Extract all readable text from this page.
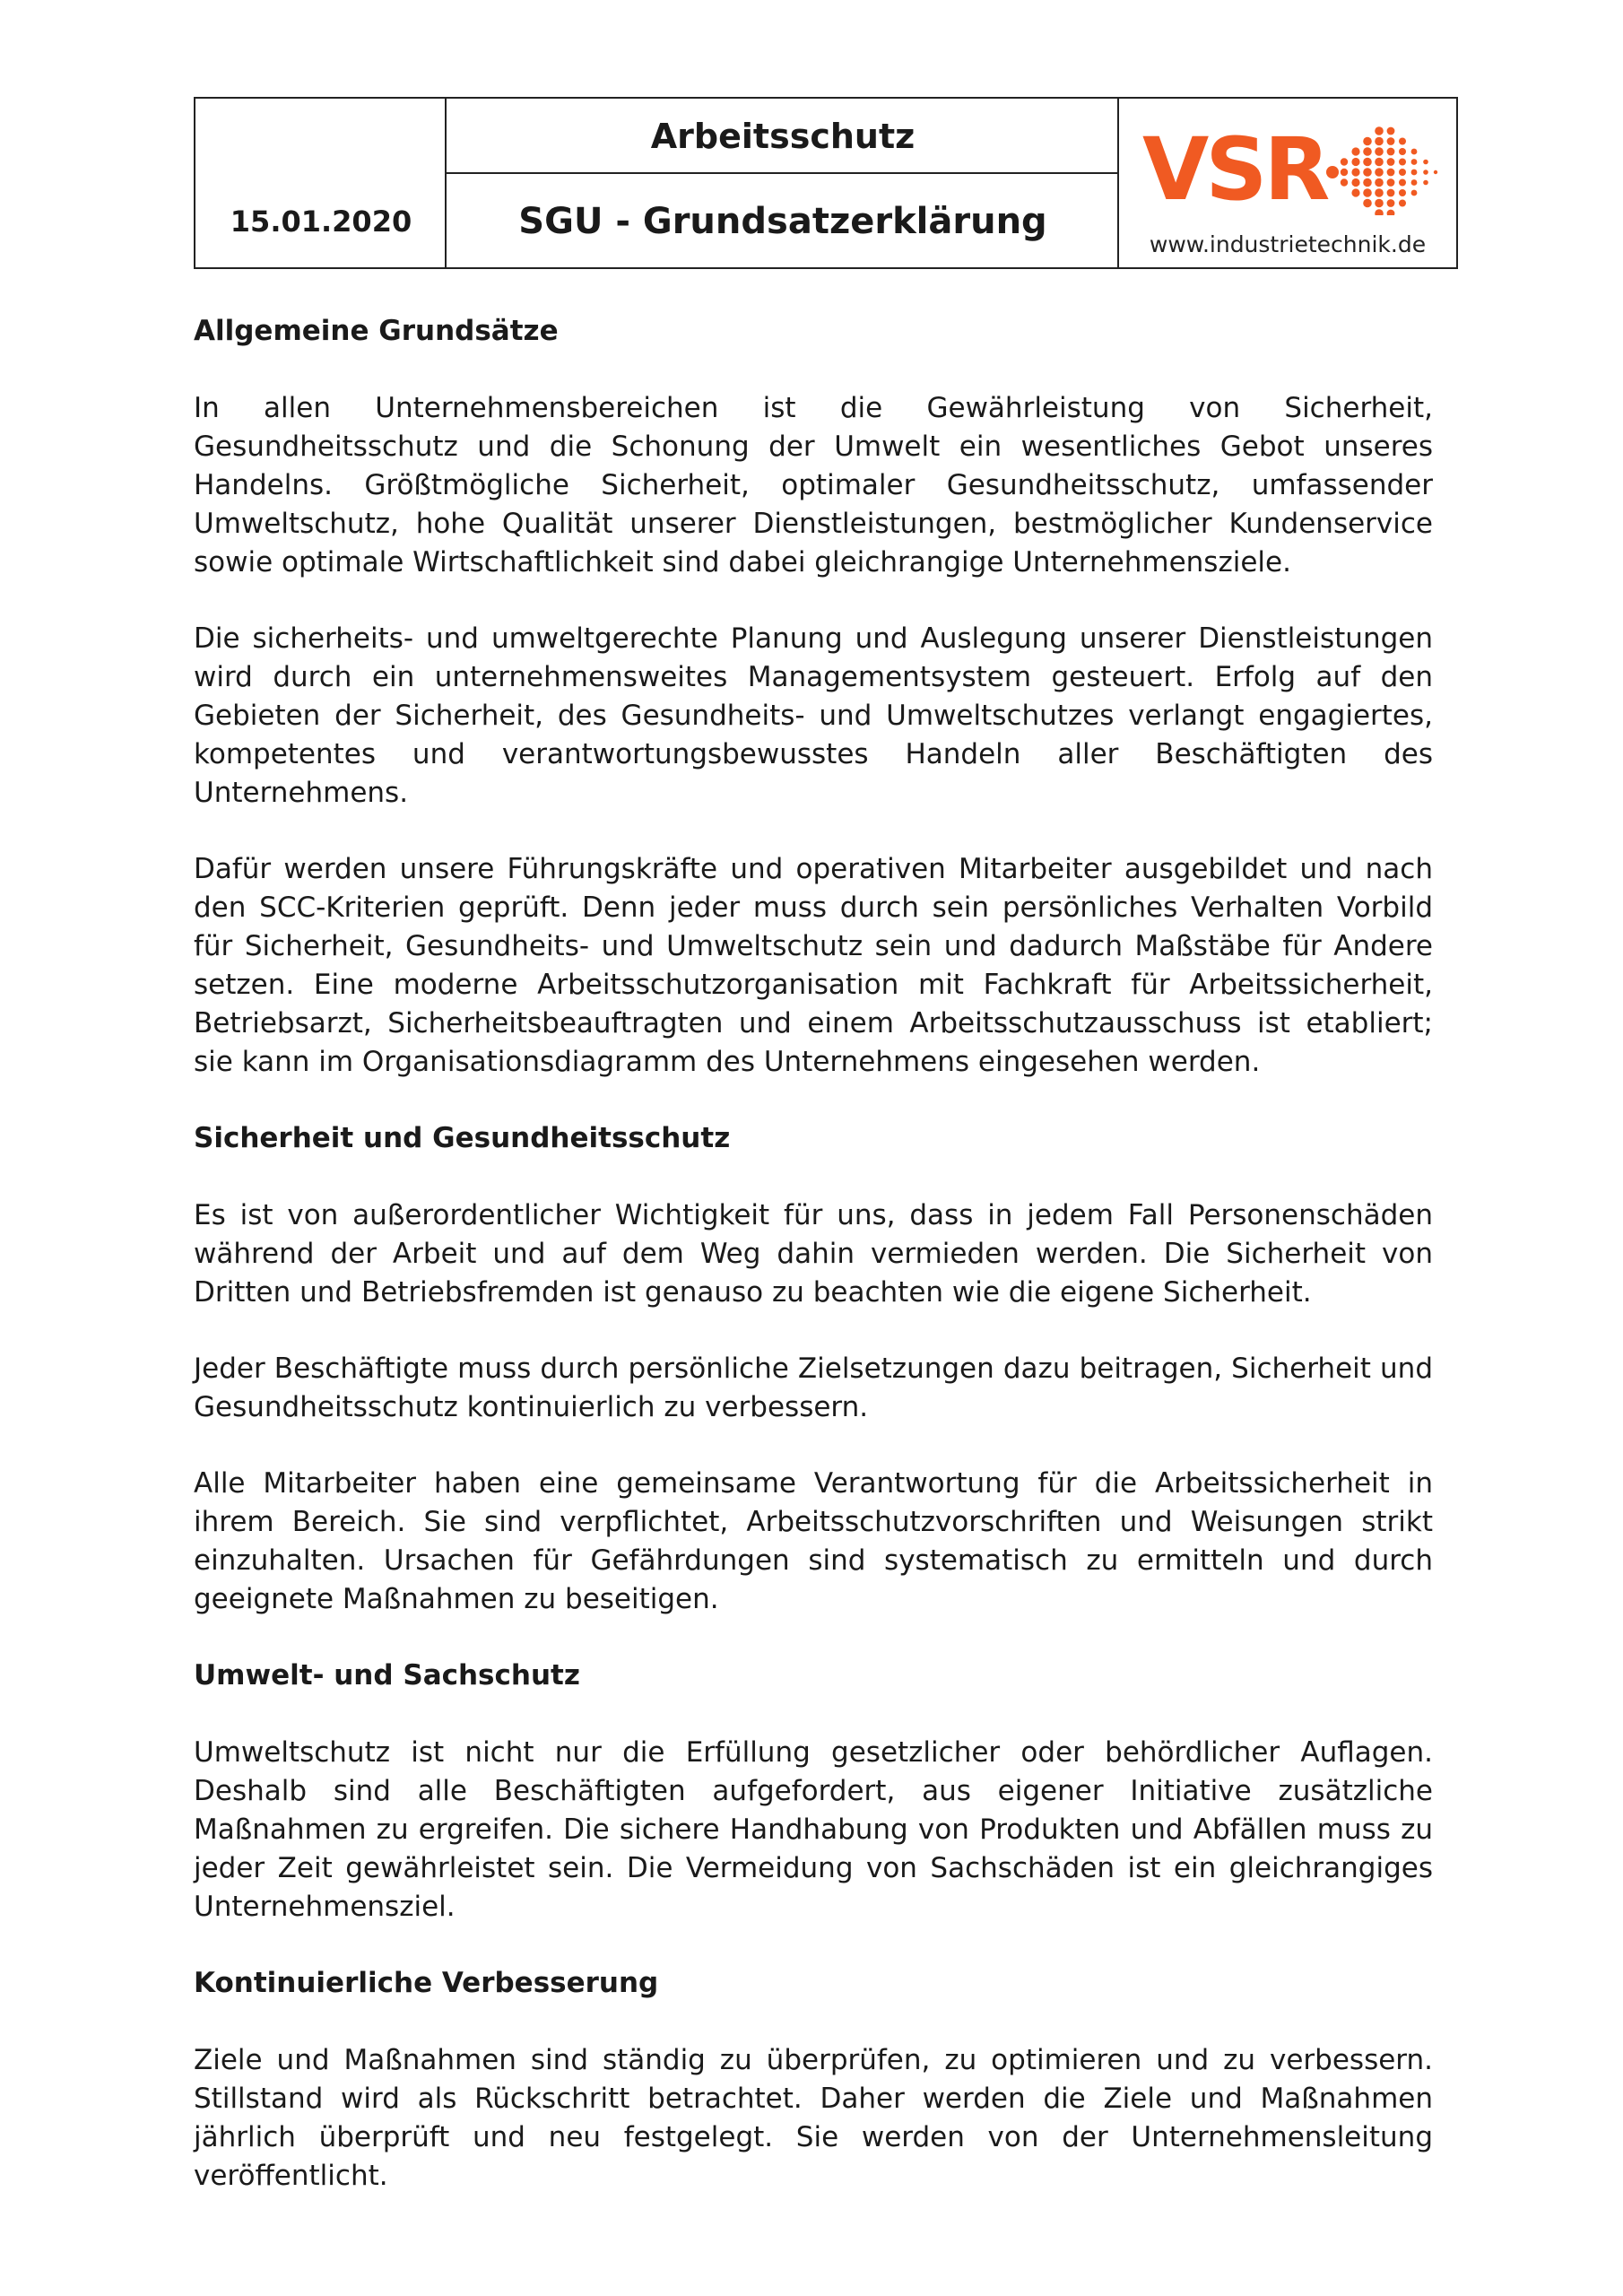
Arbeitsschutz
15.01.2020	SGU - Grundsatzerklärung
VSR
www.industrietechnik.de
Allgemeine Grundsätze

In allen Unternehmensbereichen ist die Gewährleistung von Sicherheit, Gesundheitsschutz und die Schonung der Umwelt ein wesentliches Gebot unseres Handelns. Größtmögliche Sicherheit, optimaler Gesundheitsschutz, umfassender Umweltschutz, hohe Qualität unserer Dienstleistungen, bestmöglicher Kundenservice sowie optimale Wirtschaftlichkeit sind dabei gleichrangige Unternehmensziele.

Die sicherheits- und umweltgerechte Planung und Auslegung unserer Dienstleistungen wird durch ein unternehmensweites Managementsystem gesteuert. Erfolg auf den Gebieten der Sicherheit, des Gesundheits- und Umweltschutzes verlangt engagiertes, kompetentes und verantwortungsbewusstes Handeln aller Beschäftigten des Unternehmens.

Dafür werden unsere Führungskräfte und operativen Mitarbeiter ausgebildet und nach den SCC-Kriterien geprüft. Denn jeder muss durch sein persönliches Verhalten Vorbild für Sicherheit, Gesundheits- und Umweltschutz sein und dadurch Maßstäbe für Andere setzen. Eine moderne Arbeitsschutzorganisation mit Fachkraft für Arbeitssicherheit, Betriebsarzt, Sicherheitsbeauftragten und einem Arbeitsschutzausschuss ist etabliert; sie kann im Organisationsdiagramm des Unternehmens eingesehen werden.

Sicherheit und Gesundheitsschutz

Es ist von außerordentlicher Wichtigkeit für uns, dass in jedem Fall Personenschäden während der Arbeit und auf dem Weg dahin vermieden werden. Die Sicherheit von Dritten und Betriebsfremden ist genauso zu beachten wie die eigene Sicherheit.

Jeder Beschäftigte muss durch persönliche Zielsetzungen dazu beitragen, Sicherheit und Gesundheitsschutz kontinuierlich zu verbessern.

Alle Mitarbeiter haben eine gemeinsame Verantwortung für die Arbeitssicherheit in ihrem Bereich. Sie sind verpflichtet, Arbeitsschutzvorschriften und Weisungen strikt einzuhalten. Ursachen für Gefährdungen sind systematisch zu ermitteln und durch geeignete Maßnahmen zu beseitigen.

Umwelt- und Sachschutz

Umweltschutz ist nicht nur die Erfüllung gesetzlicher oder behördlicher Auflagen. Deshalb sind alle Beschäftigten aufgefordert, aus eigener Initiative zusätzliche Maßnahmen zu ergreifen. Die sichere Handhabung von Produkten und Abfällen muss zu jeder Zeit gewährleistet sein. Die Vermeidung von Sachschäden ist ein gleichrangiges Unternehmensziel.

Kontinuierliche Verbesserung

Ziele und Maßnahmen sind ständig zu überprüfen, zu optimieren und zu verbessern. Stillstand wird als Rückschritt betrachtet. Daher werden die Ziele und Maßnahmen jährlich überprüft und neu festgelegt. Sie werden von der Unternehmensleitung veröffentlicht.
